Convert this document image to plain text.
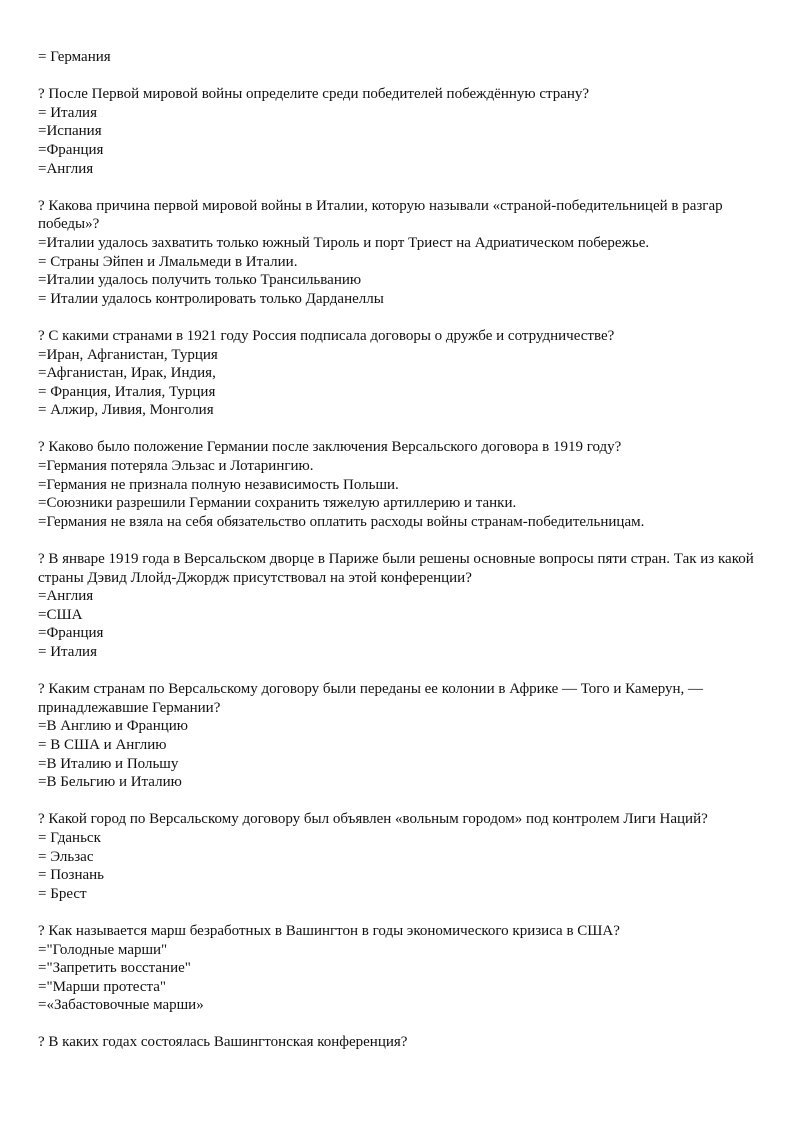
= Германия

? После Первой мировой войны определите среди победителей побеждённую страну?

= Италия

=Испания

=Франция

=Англия

? Какова причина первой мировой войны в Италии, которую называли «страной-победительницей в разгар победы»?

=Италии удалось захватить только южный Тироль и порт Триест на Адриатическом побережье.

= Страны Эйпен и Лмальмеди в Италии.

=Италии удалось получить только Трансильванию

= Италии удалось контролировать только Дарданеллы

? С какими странами в 1921 году Россия подписала договоры о дружбе и сотрудничестве?

=Иран, Афганистан, Турция

=Афганистан, Ирак, Индия,

= Франция, Италия, Турция

= Алжир, Ливия, Монголия

? Каково было положение Германии после заключения Версальского договора в 1919 году?

=Германия потеряла Эльзас и Лотарингию.

=Германия не признала полную независимость Польши.

=Союзники разрешили Германии сохранить тяжелую артиллерию и танки.

=Германия не взяла на себя обязательство оплатить расходы войны странам-победительницам.

? В январе 1919 года в Версальском дворце в Париже были решены основные вопросы пяти стран. Так из какой страны Дэвид Ллойд-Джордж присутствовал на этой конференции?

=Англия

=США

=Франция

= Италия

? Каким странам по Версальскому договору были переданы ее колонии в Африке — Того и Камерун, — принадлежавшие Германии?

=В Англию и Францию

= В США и Англию

=В Италию и Польшу

=В Бельгию и Италию

? Какой город по Версальскому договору был объявлен «вольным городом» под контролем Лиги Наций?

= Гданьск

= Эльзас

= Познань

= Брест

? Как называется марш безработных в Вашингтон в годы экономического кризиса в США?

="Голодные марши"

="Запретить восстание"

="Марши протеста"

=«Забастовочные марши»

? В каких годах состоялась Вашингтонская конференция?
